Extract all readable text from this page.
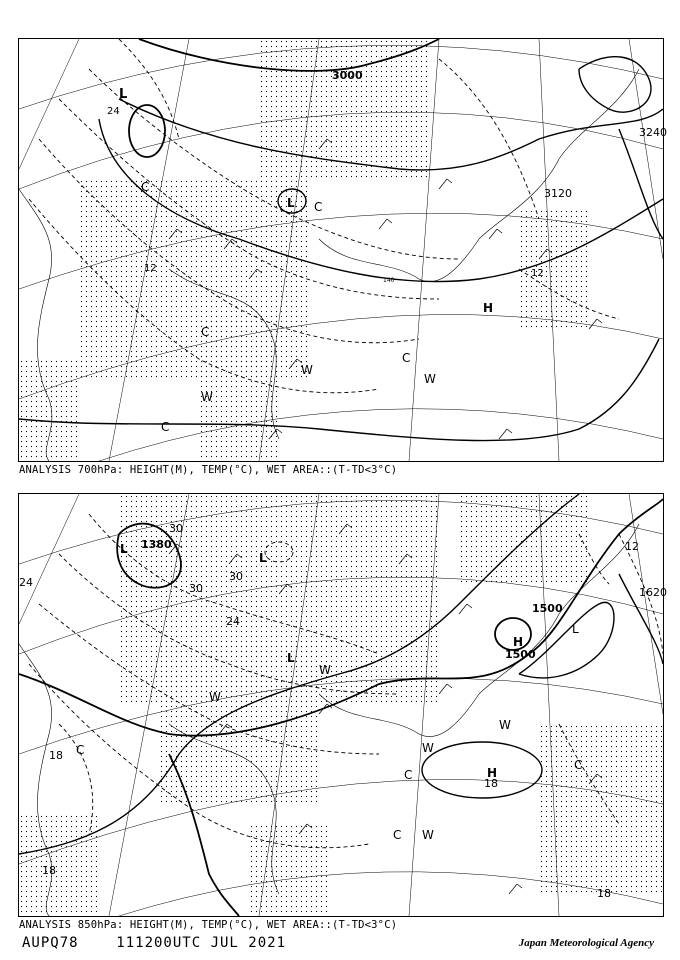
3000
3120
3240
12	12
24
140
L
L
H
C
C
C
C
C
W
W
W
ANALYSIS 700hPa: HEIGHT(M), TEMP(°C), WET AREA::(T-TD<3°C)
1380
1500
1500
1620
24
30
30
30
24
12
18
18
18
18
L
L
L
L
H
H
C
C
C
C
W
W
W
W
W
ANALYSIS 850hPa: HEIGHT(M), TEMP(°C), WET AREA::(T-TD<3°C)
AUPQ78    111200UTC JUL 2021	Japan Meteorological Agency
